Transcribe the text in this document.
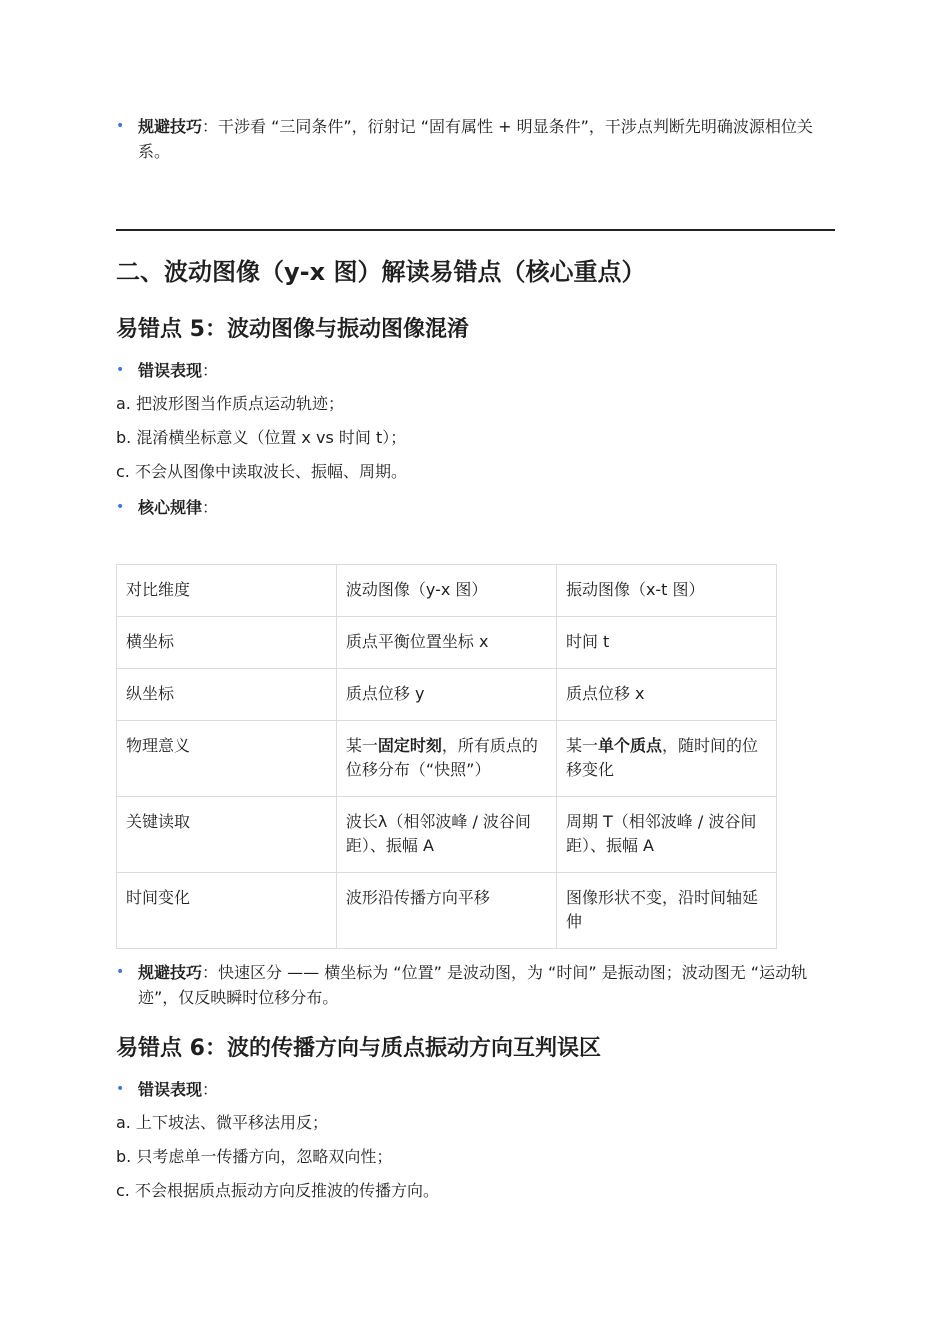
• 规避技巧：干涉看 “三同条件”，衍射记 “固有属性 + 明显条件”，干涉点判断先明确波源相位关系。
二、波动图像（y-x 图）解读易错点（核心重点）
易错点 5：波动图像与振动图像混淆
• 错误表现：
a. 把波形图当作质点运动轨迹；
b. 混淆横坐标意义（位置 x vs 时间 t）；
c. 不会从图像中读取波长、振幅、周期。
• 核心规律：
对比维度	波动图像（y-x 图）	振动图像（x-t 图）
横坐标	质点平衡位置坐标 x	时间 t
纵坐标	质点位移 y	质点位移 x
物理意义	某一固定时刻，所有质点的位移分布（“快照”）	某一单个质点，随时间的位移变化
关键读取	波长λ（相邻波峰 / 波谷间距）、振幅 A	周期 T（相邻波峰 / 波谷间距）、振幅 A
时间变化	波形沿传播方向平移	图像形状不变，沿时间轴延伸
• 规避技巧：快速区分 —— 横坐标为 “位置” 是波动图，为 “时间” 是振动图；波动图无 “运动轨迹”，仅反映瞬时位移分布。
易错点 6：波的传播方向与质点振动方向互判误区
• 错误表现：
a. 上下坡法、微平移法用反；
b. 只考虑单一传播方向，忽略双向性；
c. 不会根据质点振动方向反推波的传播方向。
